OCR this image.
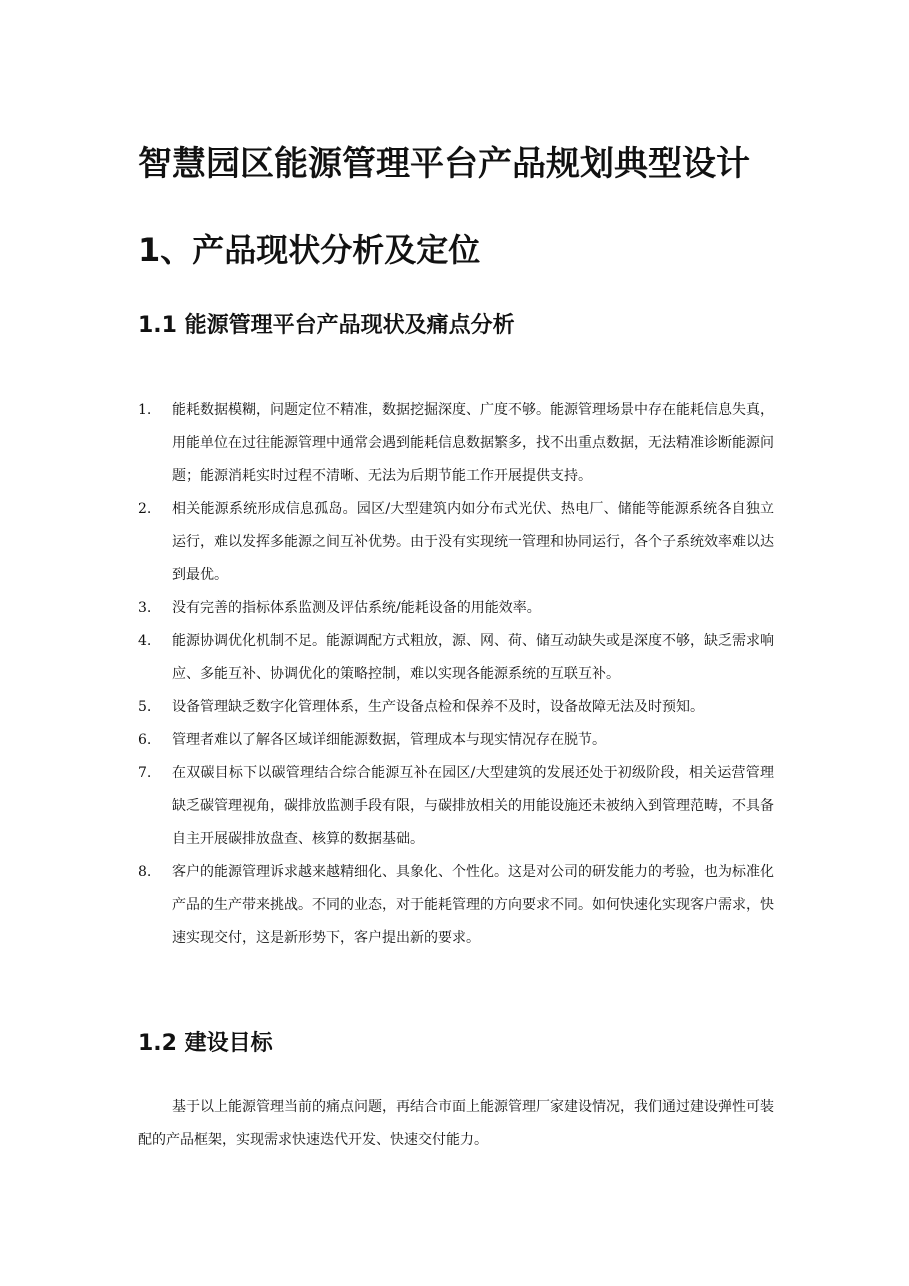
智慧园区能源管理平台产品规划典型设计
1、产品现状分析及定位
1.1 能源管理平台产品现状及痛点分析
1. 能耗数据模糊，问题定位不精准，数据挖掘深度、广度不够。能源管理场景中存在能耗信息失真，用能单位在过往能源管理中通常会遇到能耗信息数据繁多，找不出重点数据，无法精准诊断能源问题；能源消耗实时过程不清晰、无法为后期节能工作开展提供支持。
2. 相关能源系统形成信息孤岛。园区/大型建筑内如分布式光伏、热电厂、储能等能源系统各自独立运行，难以发挥多能源之间互补优势。由于没有实现统一管理和协同运行，各个子系统效率难以达到最优。
3. 没有完善的指标体系监测及评估系统/能耗设备的用能效率。
4. 能源协调优化机制不足。能源调配方式粗放，源、网、荷、储互动缺失或是深度不够，缺乏需求响应、多能互补、协调优化的策略控制，难以实现各能源系统的互联互补。
5. 设备管理缺乏数字化管理体系，生产设备点检和保养不及时，设备故障无法及时预知。
6. 管理者难以了解各区域详细能源数据，管理成本与现实情况存在脱节。
7. 在双碳目标下以碳管理结合综合能源互补在园区/大型建筑的发展还处于初级阶段，相关运营管理缺乏碳管理视角，碳排放监测手段有限，与碳排放相关的用能设施还未被纳入到管理范畴，不具备自主开展碳排放盘查、核算的数据基础。
8. 客户的能源管理诉求越来越精细化、具象化、个性化。这是对公司的研发能力的考验，也为标准化产品的生产带来挑战。不同的业态，对于能耗管理的方向要求不同。如何快速化实现客户需求，快速实现交付，这是新形势下，客户提出新的要求。
1.2 建设目标

基于以上能源管理当前的痛点问题，再结合市面上能源管理厂家建设情况，我们通过建设弹性可装配的产品框架，实现需求快速迭代开发、快速交付能力。
